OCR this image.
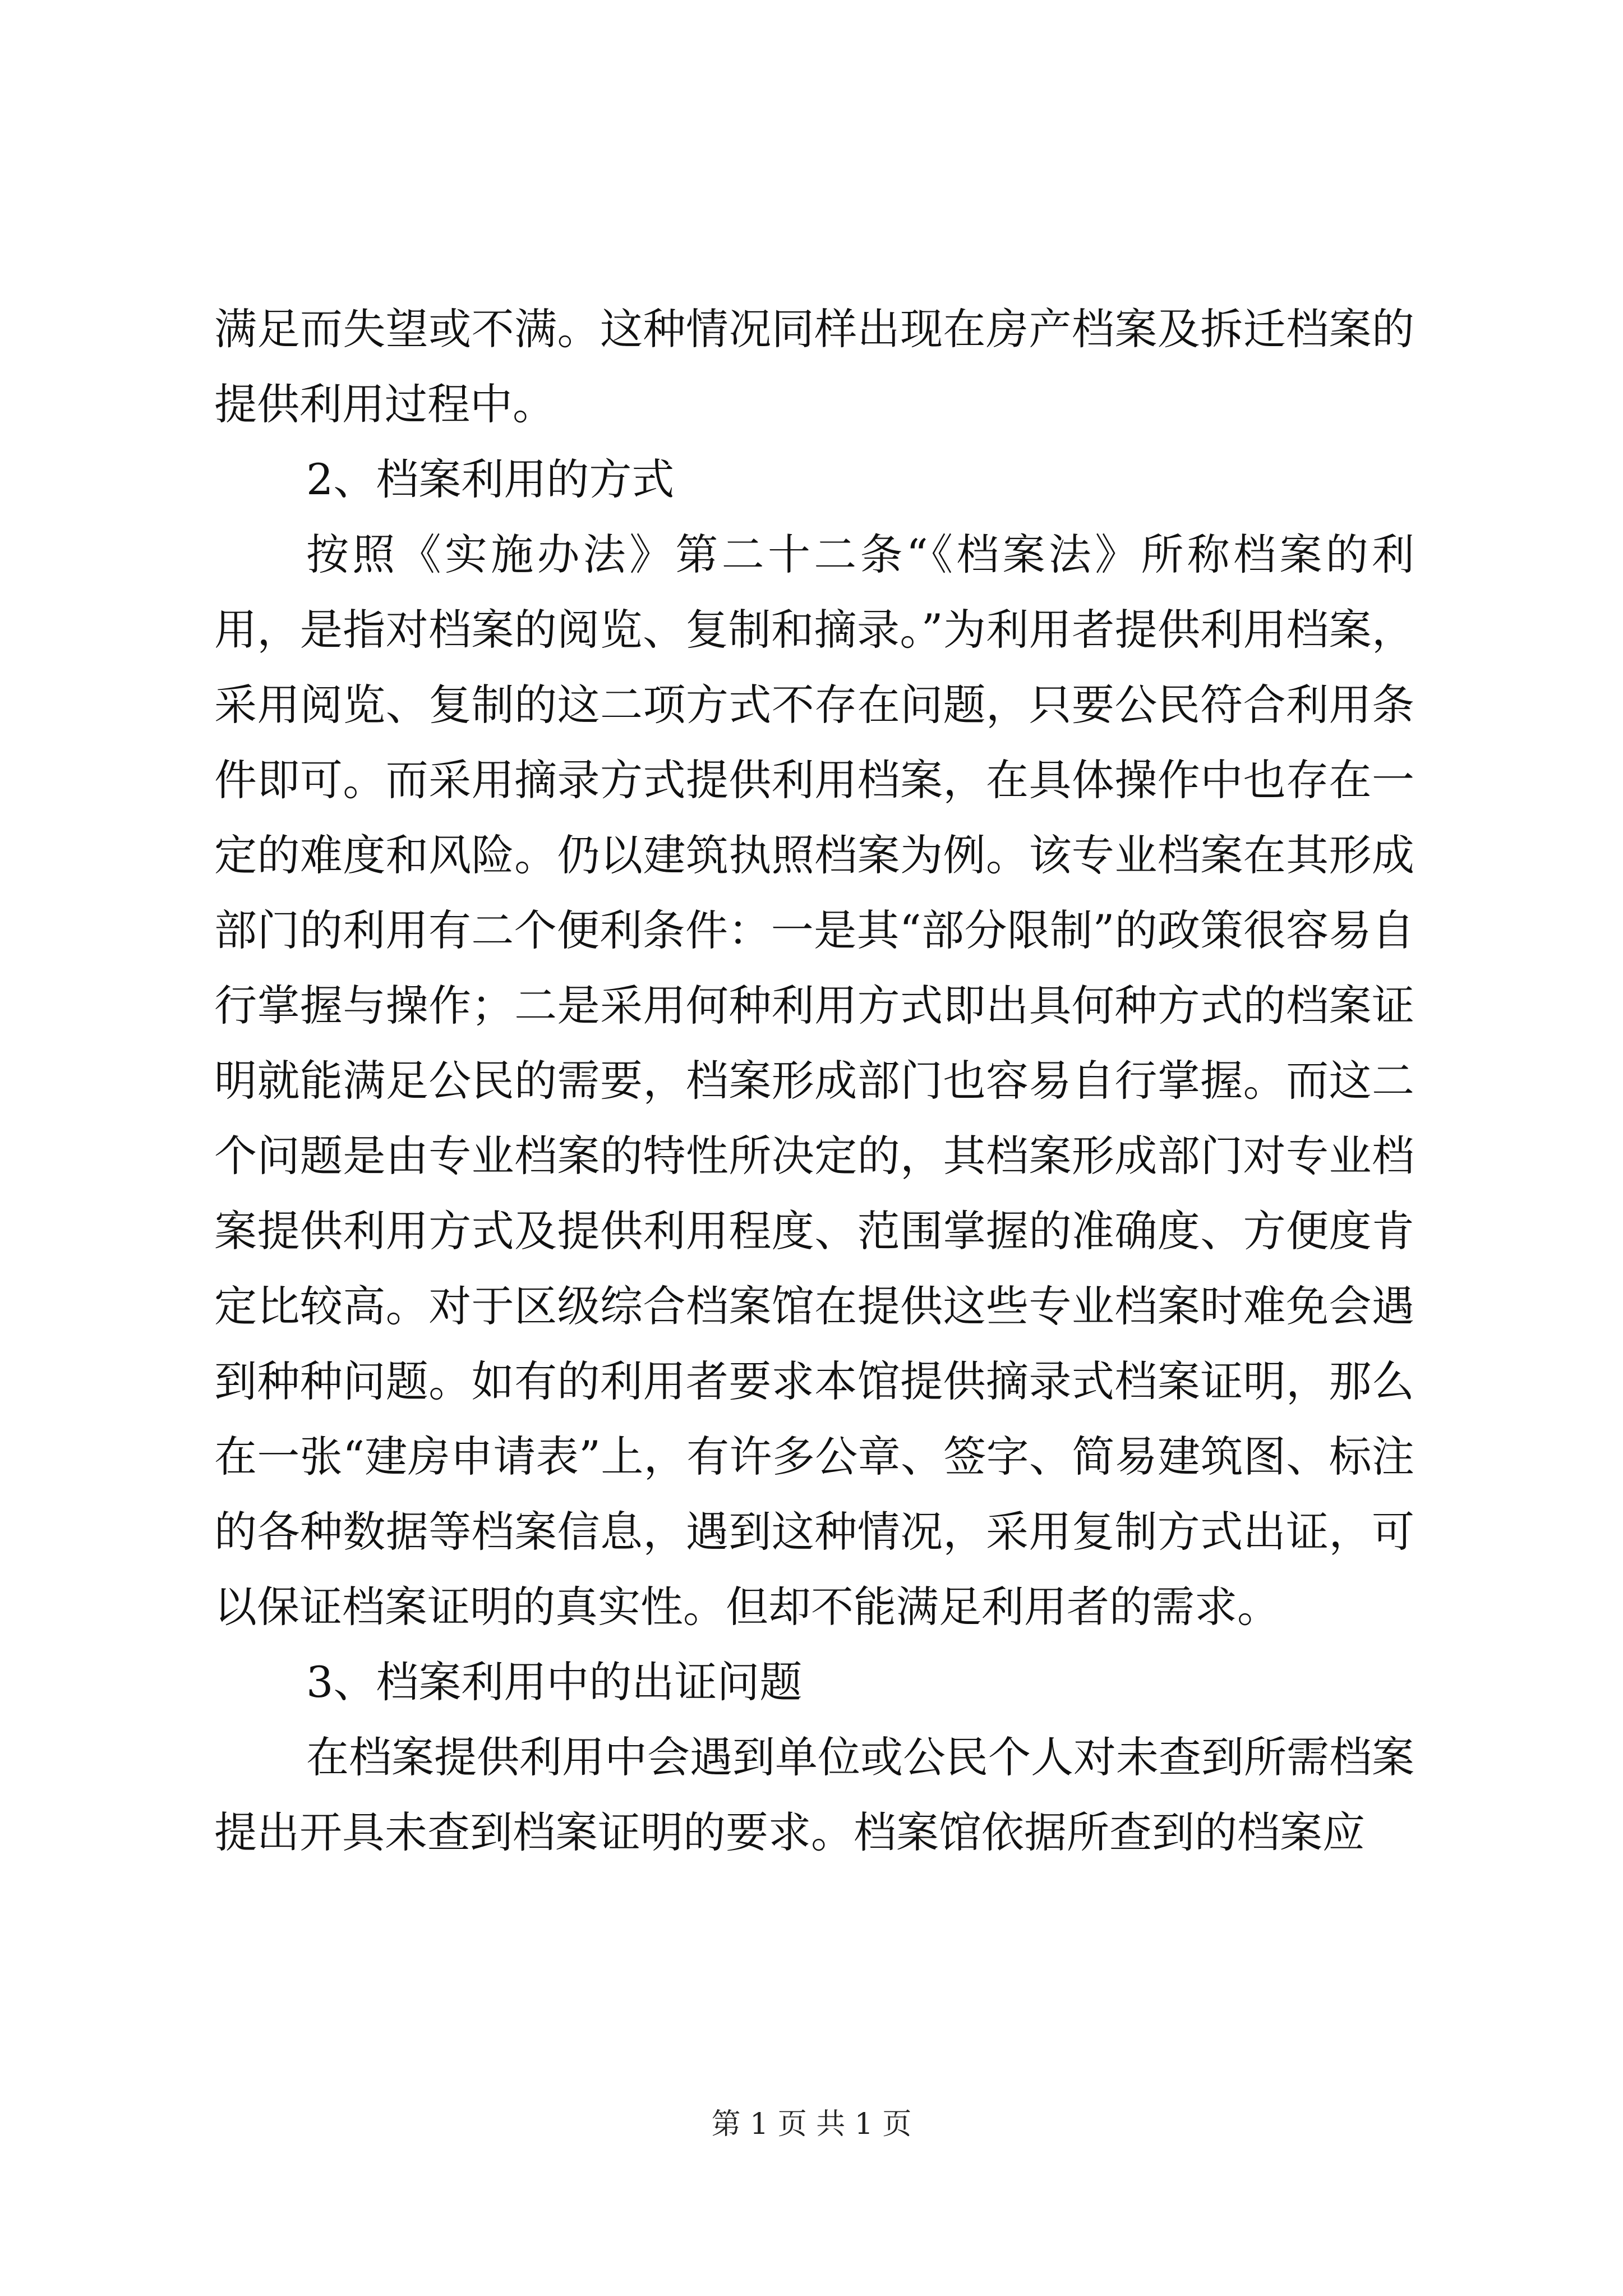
满足而失望或不满。这种情况同样出现在房产档案及拆迁档案的提供利用过程中。

2、档案利用的方式

按照《实施办法》第二十二条“《档案法》所称档案的利用，是指对档案的阅览、复制和摘录。”为利用者提供利用档案，采用阅览、复制的这二项方式不存在问题，只要公民符合利用条件即可。而采用摘录方式提供利用档案，在具体操作中也存在一定的难度和风险。仍以建筑执照档案为例。该专业档案在其形成部门的利用有二个便利条件：一是其“部分限制”的政策很容易自行掌握与操作；二是采用何种利用方式即出具何种方式的档案证明就能满足公民的需要，档案形成部门也容易自行掌握。而这二个问题是由专业档案的特性所决定的，其档案形成部门对专业档案提供利用方式及提供利用程度、范围掌握的准确度、方便度肯定比较高。对于区级综合档案馆在提供这些专业档案时难免会遇到种种问题。如有的利用者要求本馆提供摘录式档案证明，那么在一张“建房申请表”上，有许多公章、签字、简易建筑图、标注的各种数据等档案信息，遇到这种情况，采用复制方式出证，可以保证档案证明的真实性。但却不能满足利用者的需求。

3、档案利用中的出证问题

在档案提供利用中会遇到单位或公民个人对未查到所需档案提出开具未查到档案证明的要求。档案馆依据所查到的档案应

第 1 页 共 1 页
